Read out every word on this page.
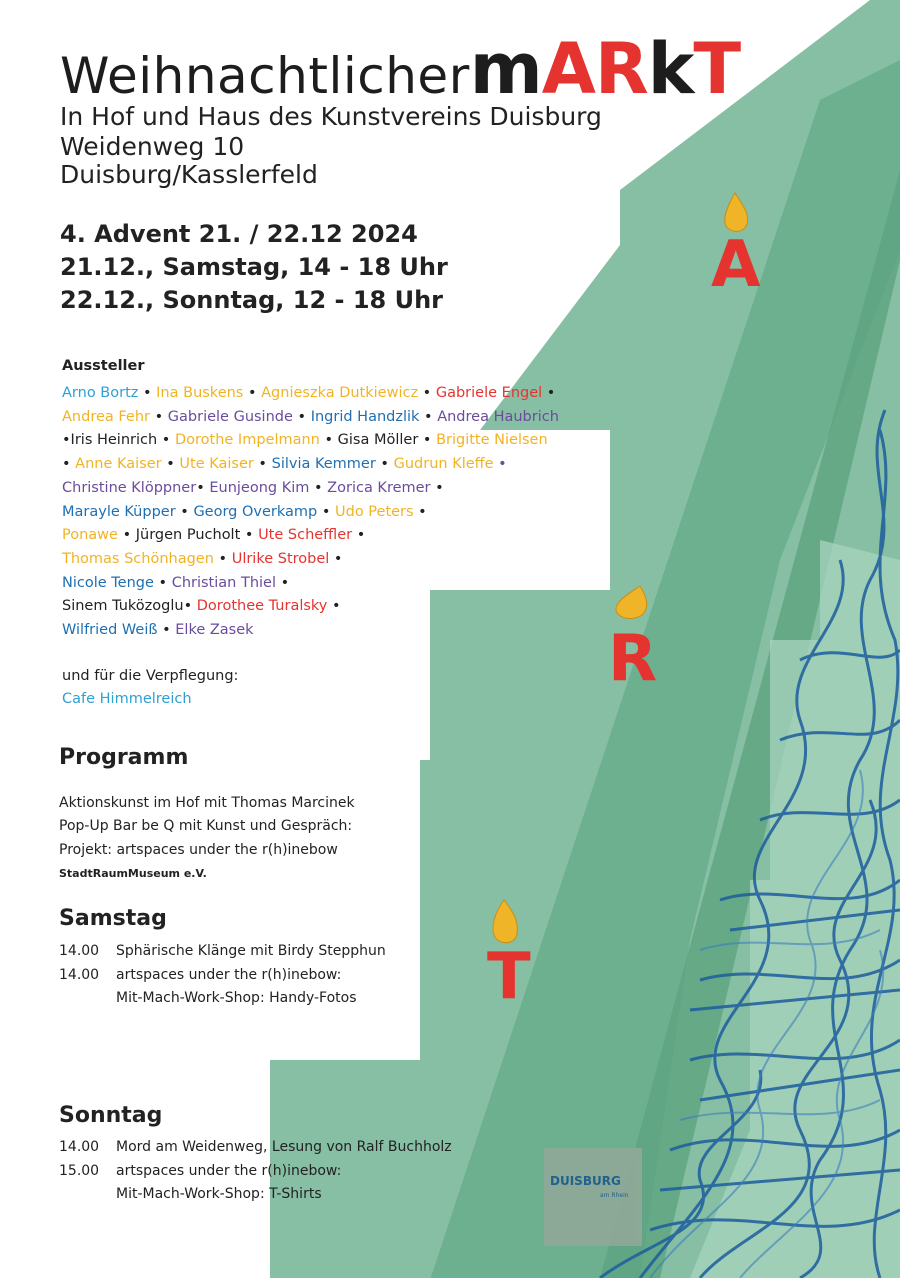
WeihnachtlichermARkT
In Hof und Haus des Kunstvereins Duisburg
Weidenweg 10
Duisburg/Kasslerfeld
4. Advent 21. / 22.12 2024
21.12., Samstag, 14 - 18 Uhr
22.12., Sonntag, 12 - 18 Uhr	A
R
T
Aussteller
Arno Bortz • Ina Buskens • Agnieszka Dutkiewicz • Gabriele Engel •
Andrea Fehr • Gabriele Gusinde • Ingrid Handzlik • Andrea Haubrich
•Iris Heinrich • Dorothe Impelmann • Gisa Möller • Brigitte Nielsen
• Anne Kaiser • Ute Kaiser • Silvia Kemmer • Gudrun Kleffe •
Christine Klöppner• Eunjeong Kim • Zorica Kremer •
Marayle Küpper • Georg Overkamp • Udo Peters •
Ponawe • Jürgen Pucholt • Ute Scheffler •
Thomas Schönhagen • Ulrike Strobel •
Nicole Tenge • Christian Thiel •
Sinem Tuközoglu• Dorothee Turalsky •
Wilfried Weiß • Elke Zasek
und für die Verpflegung:
Cafe Himmelreich
Programm
Aktionskunst im Hof mit Thomas Marcinek
Pop-Up Bar be Q mit Kunst und Gespräch:
Projekt: artspaces under the r(h)inebow
StadtRaumMuseum e.V.
Samstag
14.00 Sphärische Klänge mit Birdy Stepphun
14.00 artspaces under the r(h)inebow:
Mit-Mach-Work-Shop: Handy-Fotos
Sonntag
14.00 Mord am Weidenweg, Lesung von Ralf Buchholz
15.00 artspaces under the r(h)inebow:
Mit-Mach-Work-Shop: T-Shirts
DUISBURG
am Rhein
